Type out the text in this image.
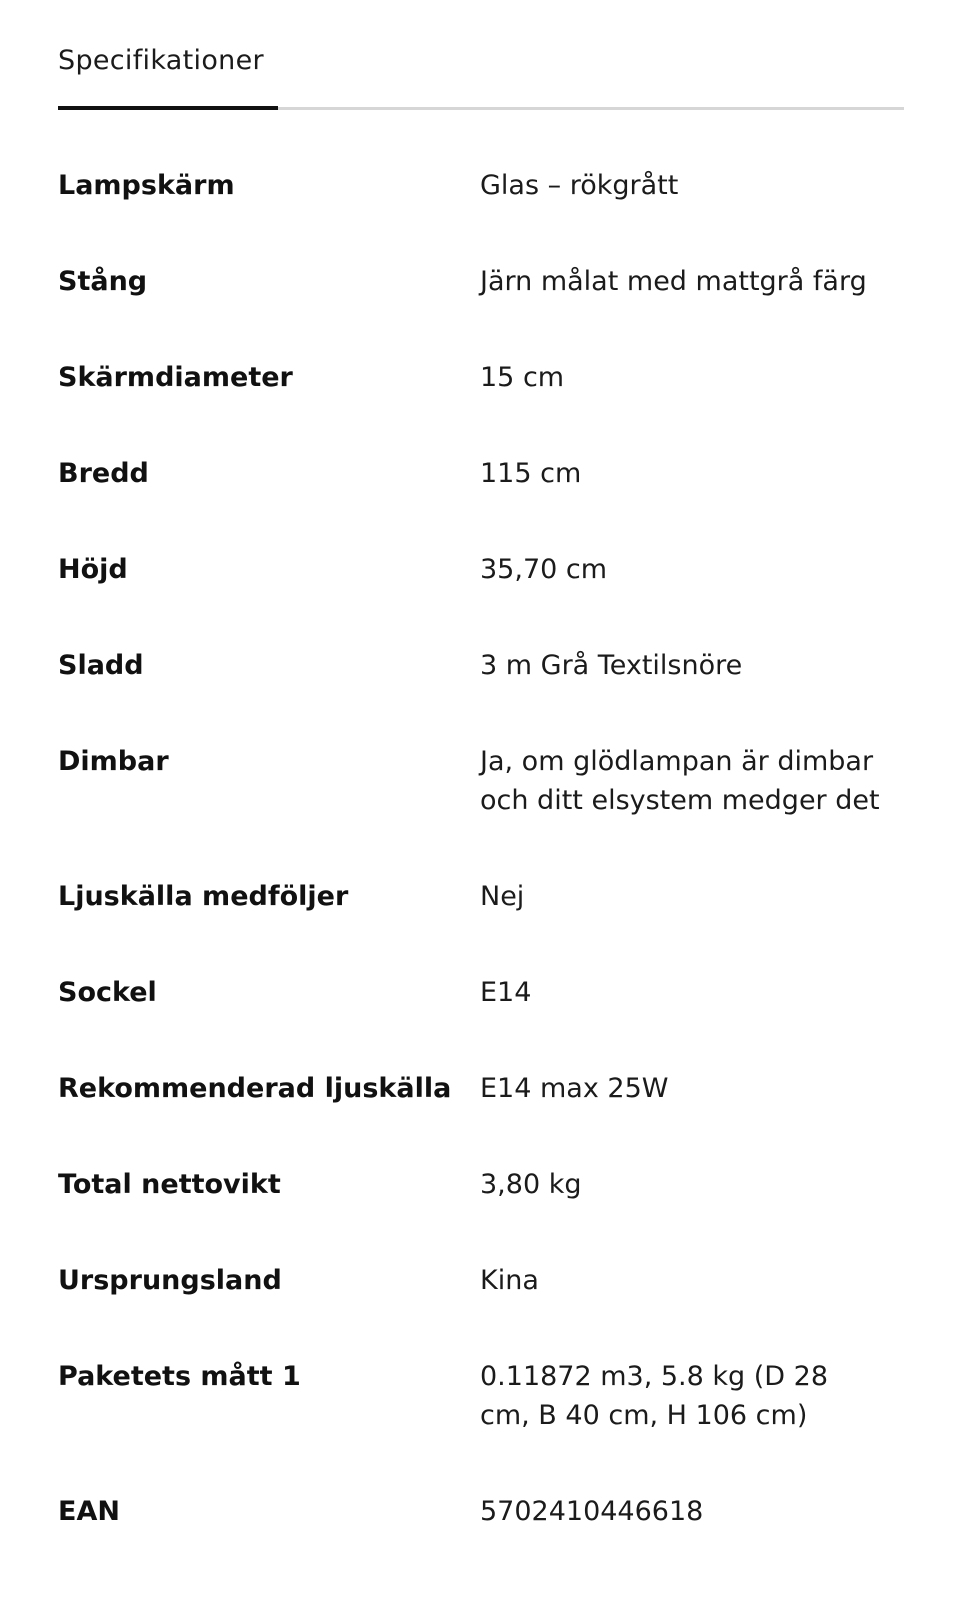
Specifikationer
Lampskärm	Glas – rökgrått
Stång	Järn målat med mattgrå färg
Skärmdiameter	15 cm
Bredd	115 cm
Höjd	35,70 cm
Sladd	3 m Grå Textilsnöre
Dimbar	Ja, om glödlampan är dimbar och ditt elsystem medger det
Ljuskälla medföljer	Nej
Sockel	E14
Rekommenderad ljuskälla	E14 max 25W
Total nettovikt	3,80 kg
Ursprungsland	Kina
Paketets mått 1	0.11872 m3, 5.8 kg (D 28 cm, B 40 cm, H 106 cm)
EAN	5702410446618
